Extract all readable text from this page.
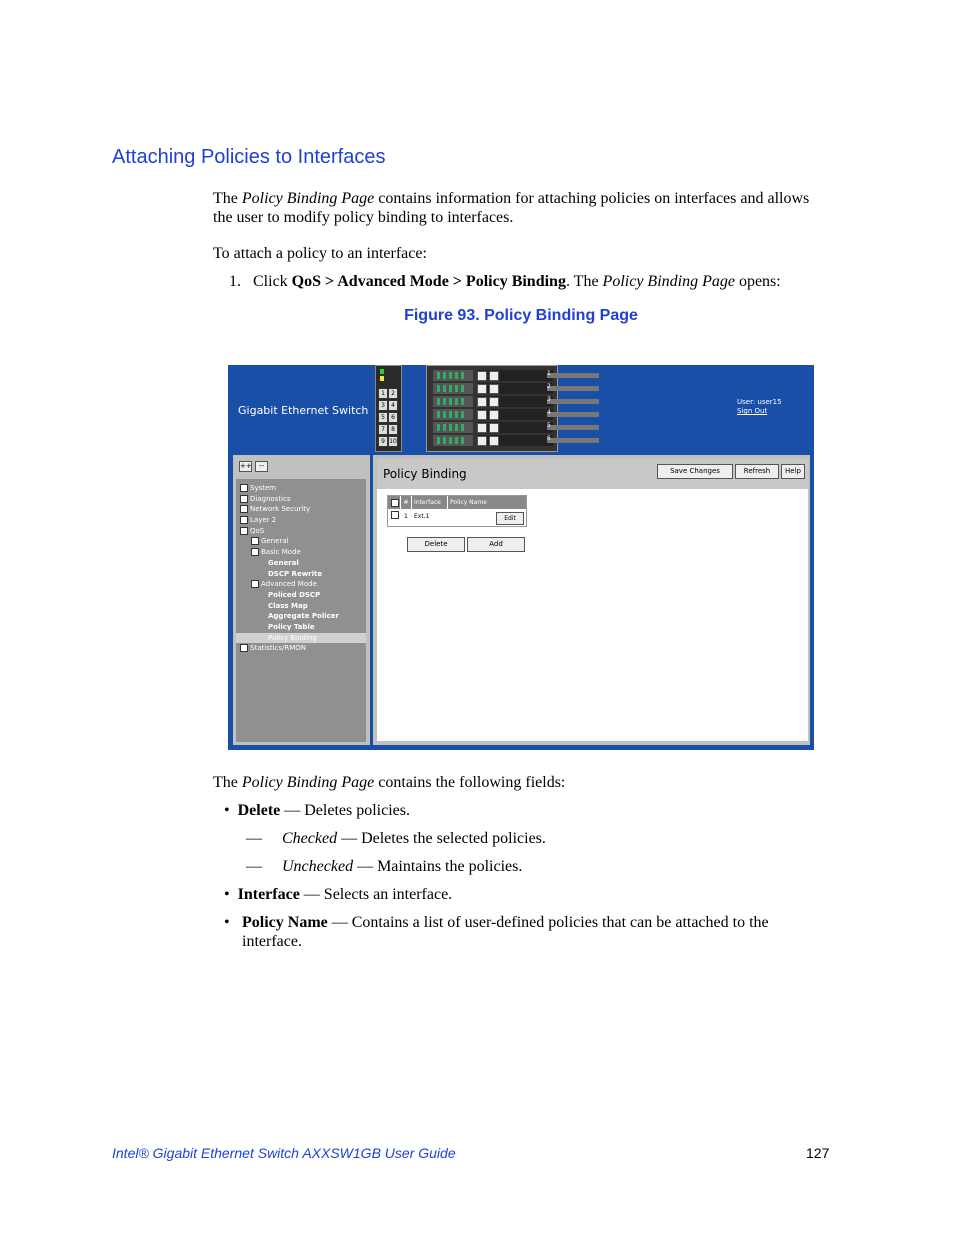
Attaching Policies to Interfaces

The Policy Binding Page contains information for attaching policies on interfaces and allows the user to modify policy binding to interfaces.

To attach a policy to an interface:

1. Click QoS > Advanced Mode > Policy Binding. The Policy Binding Page opens:

Figure 93. Policy Binding Page

Gigabit Ethernet Switch
1	2
3	4
5	6
7	8
9 10
1
2
3
4
5
6
User: user15
Sign Out
++	--
System
Diagnostics
Network Security
Layer 2
QoS
General
Basic Mode
General
DSCP Rewrite
Advanced Mode
Policed DSCP
Class Map
Aggregate Policer
Policy Table
Policy Binding
Statistics/RMON
Policy Binding	Save Changes	Refresh	Help
# Interface	Policy Name
1 Ext.1	Edit
Delete	Add

The Policy Binding Page contains the following fields:

• Delete — Deletes policies.
— Checked — Deletes the selected policies.
— Unchecked — Maintains the policies.
• Interface — Selects an interface.
• Policy Name — Contains a list of user-defined policies that can be attached to the interface.
Intel® Gigabit Ethernet Switch AXXSW1GB User Guide	127
